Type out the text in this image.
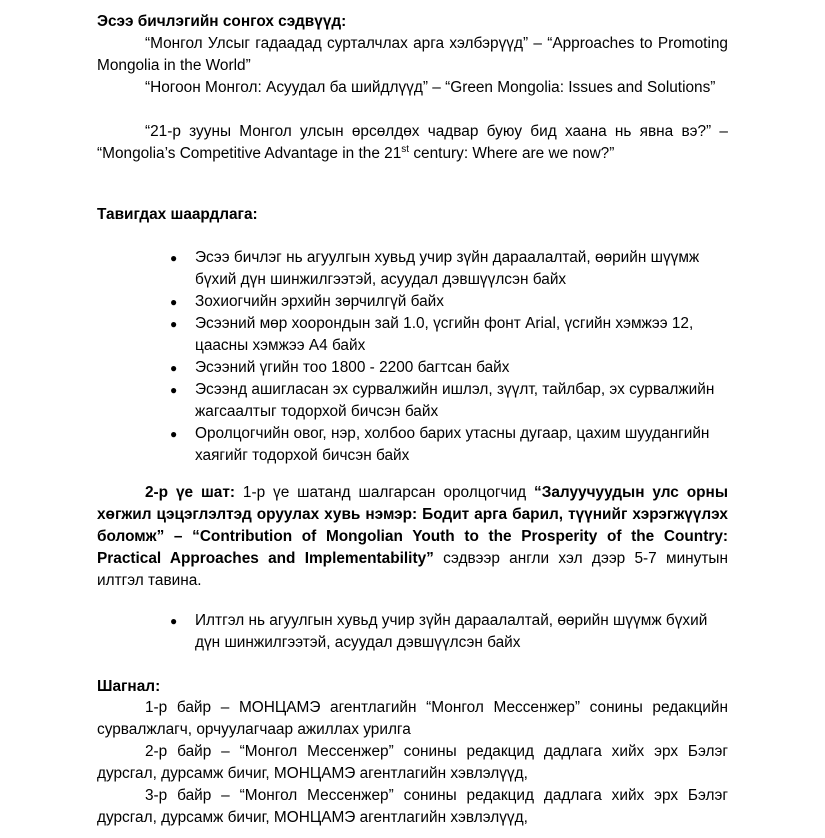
Эсээ бичлэгийн сонгох сэдвүүд:

“Монгол Улсыг гадаадад сурталчлах арга хэлбэрүүд” – “Approaches to Promoting Mongolia in the World”

“Ногоон Монгол: Асуудал ба шийдлүүд” – “Green Mongolia: Issues and Solutions”

“21-р зууны Монгол улсын өрсөлдөх чадвар буюу бид хаана нь явна вэ?” – “Mongolia’s Competitive Advantage in the 21st century: Where are we now?”

Тавигдах шаардлага:

● Эсээ бичлэг нь агуулгын хувьд учир зүйн дараалалтай, өөрийн шүүмж бүхий дүн шинжилгээтэй, асуудал дэвшүүлсэн байх
● Зохиогчийн эрхийн зөрчилгүй байх
● Эсээний мөр хоорондын зай 1.0, үсгийн фонт Arial, үсгийн хэмжээ 12, цаасны хэмжээ А4 байх
● Эсээний үгийн тоо 1800 - 2200 багтсан байх
● Эсээнд ашигласан эх сурвалжийн ишлэл, зүүлт, тайлбар, эх сурвалжийн жагсаалтыг тодорхой бичсэн байх
● Оролцогчийн овог, нэр, холбоо барих утасны дугаар, цахим шуудангийн хаягийг тодорхой бичсэн байх

2-р үе шат: 1-р үе шатанд шалгарсан оролцогчид “Залуучуудын улс орны хөгжил цэцэглэлтэд оруулах хувь нэмэр: Бодит арга барил, түүнийг хэрэгжүүлэх боломж” – “Contribution of Mongolian Youth to the Prosperity of the Country: Practical Approaches and Implementability” сэдвээр англи хэл дээр 5-7 минутын илтгэл тавина.

● Илтгэл нь агуулгын хувьд учир зүйн дараалалтай, өөрийн шүүмж бүхий дүн шинжилгээтэй, асуудал дэвшүүлсэн байх

Шагнал:

1-р байр – МОНЦАМЭ агентлагийн “Монгол Мессенжер” сонины редакцийн сурвалжлагч, орчуулагчаар ажиллах урилга

2-р байр – “Монгол Мессенжер” сонины редакцид дадлага хийх эрх Бэлэг дурсгал, дурсамж бичиг, МОНЦАМЭ агентлагийн хэвлэлүүд,

3-р байр – “Монгол Мессенжер” сонины редакцид дадлага хийх эрх Бэлэг дурсгал, дурсамж бичиг, МОНЦАМЭ агентлагийн хэвлэлүүд,
